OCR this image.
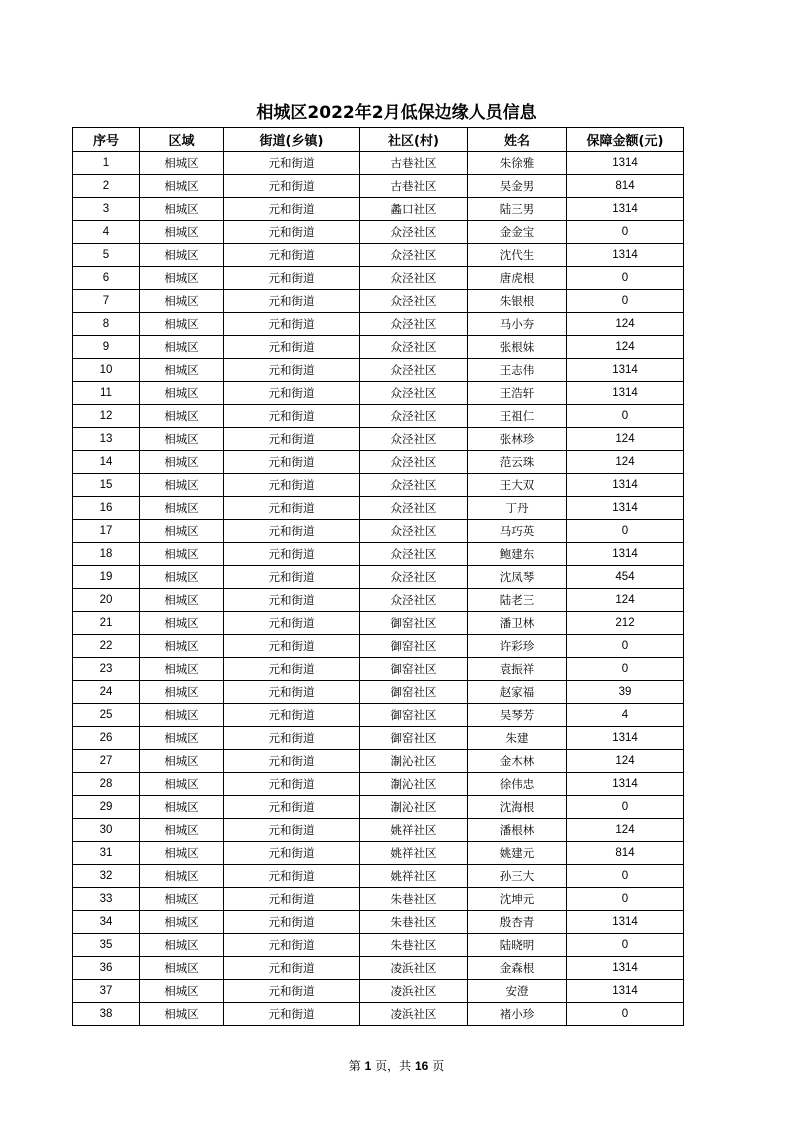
相城区2022年2月低保边缘人员信息
序号	区域	街道(乡镇)	社区(村)	姓名	保障金额(元)
1	相城区	元和街道	古巷社区	朱徐雅	1314
2	相城区	元和街道	古巷社区	吴金男	814
3	相城区	元和街道	蠡口社区	陆三男	1314
4	相城区	元和街道	众泾社区	金金宝	0
5	相城区	元和街道	众泾社区	沈代生	1314
6	相城区	元和街道	众泾社区	唐虎根	0
7	相城区	元和街道	众泾社区	朱银根	0
8	相城区	元和街道	众泾社区	马小夯	124
9	相城区	元和街道	众泾社区	张根妹	124
10	相城区	元和街道	众泾社区	王志伟	1314
11	相城区	元和街道	众泾社区	王浩轩	1314
12	相城区	元和街道	众泾社区	王祖仁	0
13	相城区	元和街道	众泾社区	张林珍	124
14	相城区	元和街道	众泾社区	范云珠	124
15	相城区	元和街道	众泾社区	王大双	1314
16	相城区	元和街道	众泾社区	丁丹	1314
17	相城区	元和街道	众泾社区	马巧英	0
18	相城区	元和街道	众泾社区	鲍建东	1314
19	相城区	元和街道	众泾社区	沈凤琴	454
20	相城区	元和街道	众泾社区	陆老三	124
21	相城区	元和街道	御窑社区	潘卫林	212
22	相城区	元和街道	御窑社区	许彩珍	0
23	相城区	元和街道	御窑社区	袁振祥	0
24	相城区	元和街道	御窑社区	赵家福	39
25	相城区	元和街道	御窑社区	吴琴芳	4
26	相城区	元和街道	御窑社区	朱建	1314
27	相城区	元和街道	淛沁社区	金木林	124
28	相城区	元和街道	淛沁社区	徐伟忠	1314
29	相城区	元和街道	淛沁社区	沈海根	0
30	相城区	元和街道	姚祥社区	潘根林	124
31	相城区	元和街道	姚祥社区	姚建元	814
32	相城区	元和街道	姚祥社区	孙三大	0
33	相城区	元和街道	朱巷社区	沈坤元	0
34	相城区	元和街道	朱巷社区	殷杏青	1314
35	相城区	元和街道	朱巷社区	陆晓明	0
36	相城区	元和街道	凌浜社区	金森根	1314
37	相城区	元和街道	凌浜社区	安澄	1314
38	相城区	元和街道	凌浜社区	褚小珍	0
第 1 页，共 16 页
